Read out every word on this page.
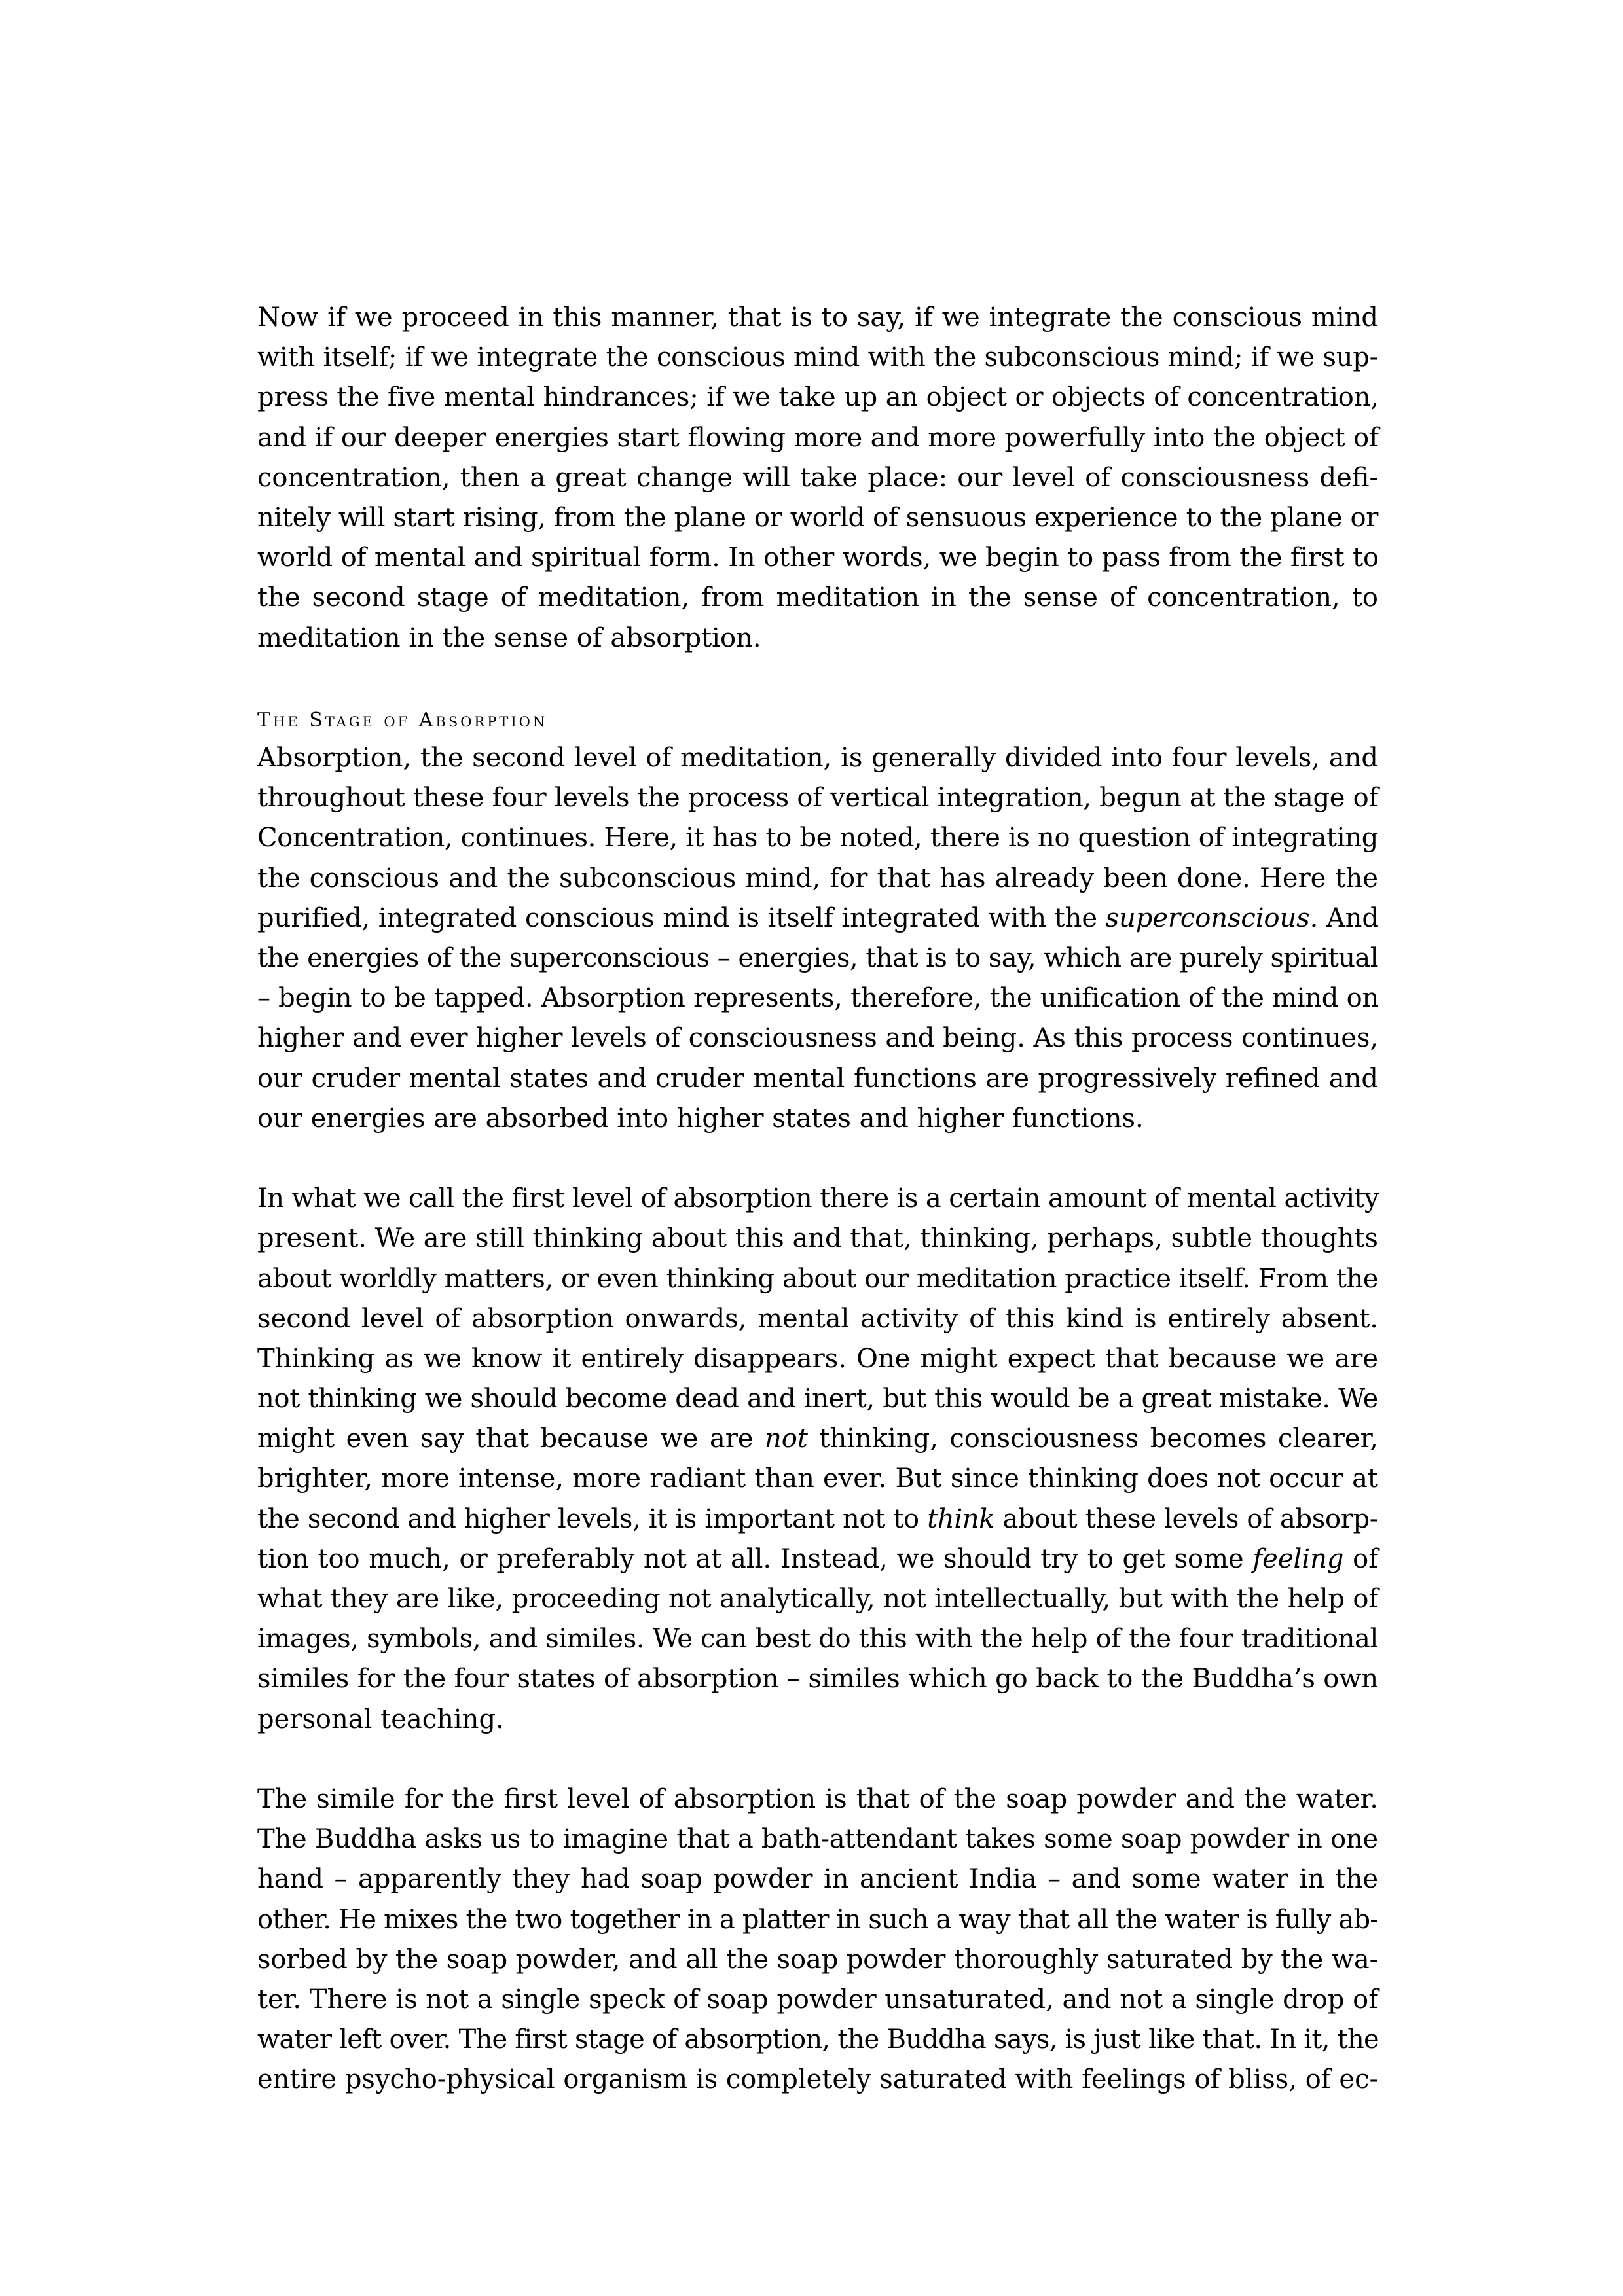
Now if we proceed in this manner, that is to say, if we integrate the conscious mind
with itself; if we integrate the conscious mind with the subconscious mind; if we sup-
press the five mental hindrances; if we take up an object or objects of concentration,
and if our deeper energies start flowing more and more powerfully into the object of
concentration, then a great change will take place: our level of consciousness defi-
nitely will start rising, from the plane or world of sensuous experience to the plane or
world of mental and spiritual form. In other words, we begin to pass from the first to
the second stage of meditation, from meditation in the sense of concentration, to
meditation in the sense of absorption.
The Stage of Absorption
Absorption, the second level of meditation, is generally divided into four levels, and
throughout these four levels the process of vertical integration, begun at the stage of
Concentration, continues. Here, it has to be noted, there is no question of integrating
the conscious and the subconscious mind, for that has already been done. Here the
purified, integrated conscious mind is itself integrated with the superconscious. And
the energies of the superconscious – energies, that is to say, which are purely spiritual
– begin to be tapped. Absorption represents, therefore, the unification of the mind on
higher and ever higher levels of consciousness and being. As this process continues,
our cruder mental states and cruder mental functions are progressively refined and
our energies are absorbed into higher states and higher functions.
In what we call the first level of absorption there is a certain amount of mental activity
present. We are still thinking about this and that, thinking, perhaps, subtle thoughts
about worldly matters, or even thinking about our meditation practice itself. From the
second level of absorption onwards, mental activity of this kind is entirely absent.
Thinking as we know it entirely disappears. One might expect that because we are
not thinking we should become dead and inert, but this would be a great mistake. We
might even say that because we are not thinking, consciousness becomes clearer,
brighter, more intense, more radiant than ever. But since thinking does not occur at
the second and higher levels, it is important not to think about these levels of absorp-
tion too much, or preferably not at all. Instead, we should try to get some feeling of
what they are like, proceeding not analytically, not intellectually, but with the help of
images, symbols, and similes. We can best do this with the help of the four traditional
similes for the four states of absorption – similes which go back to the Buddha’s own
personal teaching.
The simile for the first level of absorption is that of the soap powder and the water.
The Buddha asks us to imagine that a bath-attendant takes some soap powder in one
hand – apparently they had soap powder in ancient India – and some water in the
other. He mixes the two together in a platter in such a way that all the water is fully ab-
sorbed by the soap powder, and all the soap powder thoroughly saturated by the wa-
ter. There is not a single speck of soap powder unsaturated, and not a single drop of
water left over. The first stage of absorption, the Buddha says, is just like that. In it, the
entire psycho-physical organism is completely saturated with feelings of bliss, of ec-
